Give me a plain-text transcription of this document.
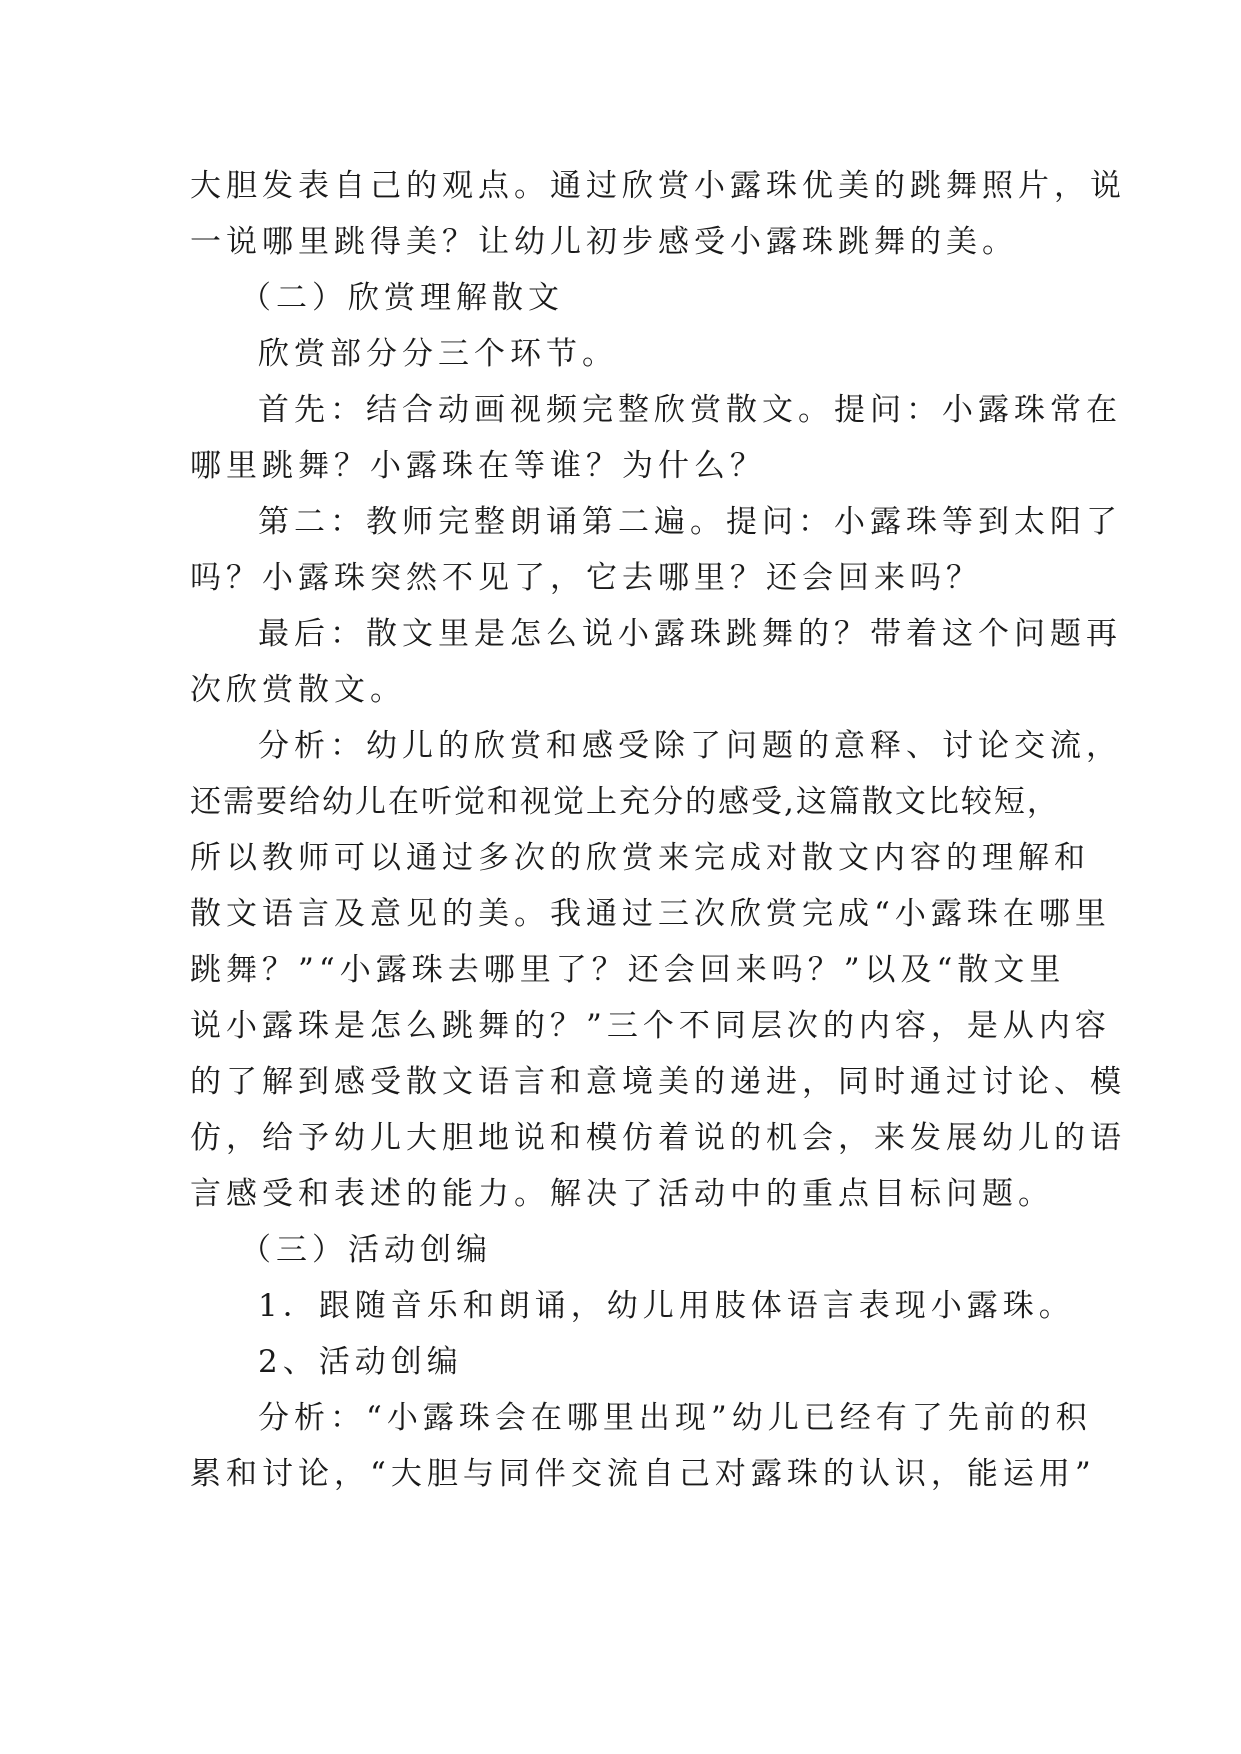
大胆发表自己的观点。通过欣赏小露珠优美的跳舞照片，说
一说哪里跳得美？让幼儿初步感受小露珠跳舞的美。
（二）欣赏理解散文
欣赏部分分三个环节。
首先：结合动画视频完整欣赏散文。提问：小露珠常在
哪里跳舞？小露珠在等谁？为什么？
第二：教师完整朗诵第二遍。提问：小露珠等到太阳了
吗？小露珠突然不见了，它去哪里？还会回来吗？
最后：散文里是怎么说小露珠跳舞的？带着这个问题再
次欣赏散文。
分析：幼儿的欣赏和感受除了问题的意释、讨论交流，
还需要给幼儿在听觉和视觉上充分的感受,这篇散文比较短，
所以教师可以通过多次的欣赏来完成对散文内容的理解和
散文语言及意见的美。我通过三次欣赏完成“小露珠在哪里
跳舞？”“小露珠去哪里了？还会回来吗？”以及“散文里
说小露珠是怎么跳舞的？”三个不同层次的内容，是从内容
的了解到感受散文语言和意境美的递进，同时通过讨论、模
仿，给予幼儿大胆地说和模仿着说的机会，来发展幼儿的语
言感受和表述的能力。解决了活动中的重点目标问题。
（三）活动创编
1．跟随音乐和朗诵，幼儿用肢体语言表现小露珠。
2、活动创编
分析：“小露珠会在哪里出现”幼儿已经有了先前的积
累和讨论，“大胆与同伴交流自己对露珠的认识，能运用”
